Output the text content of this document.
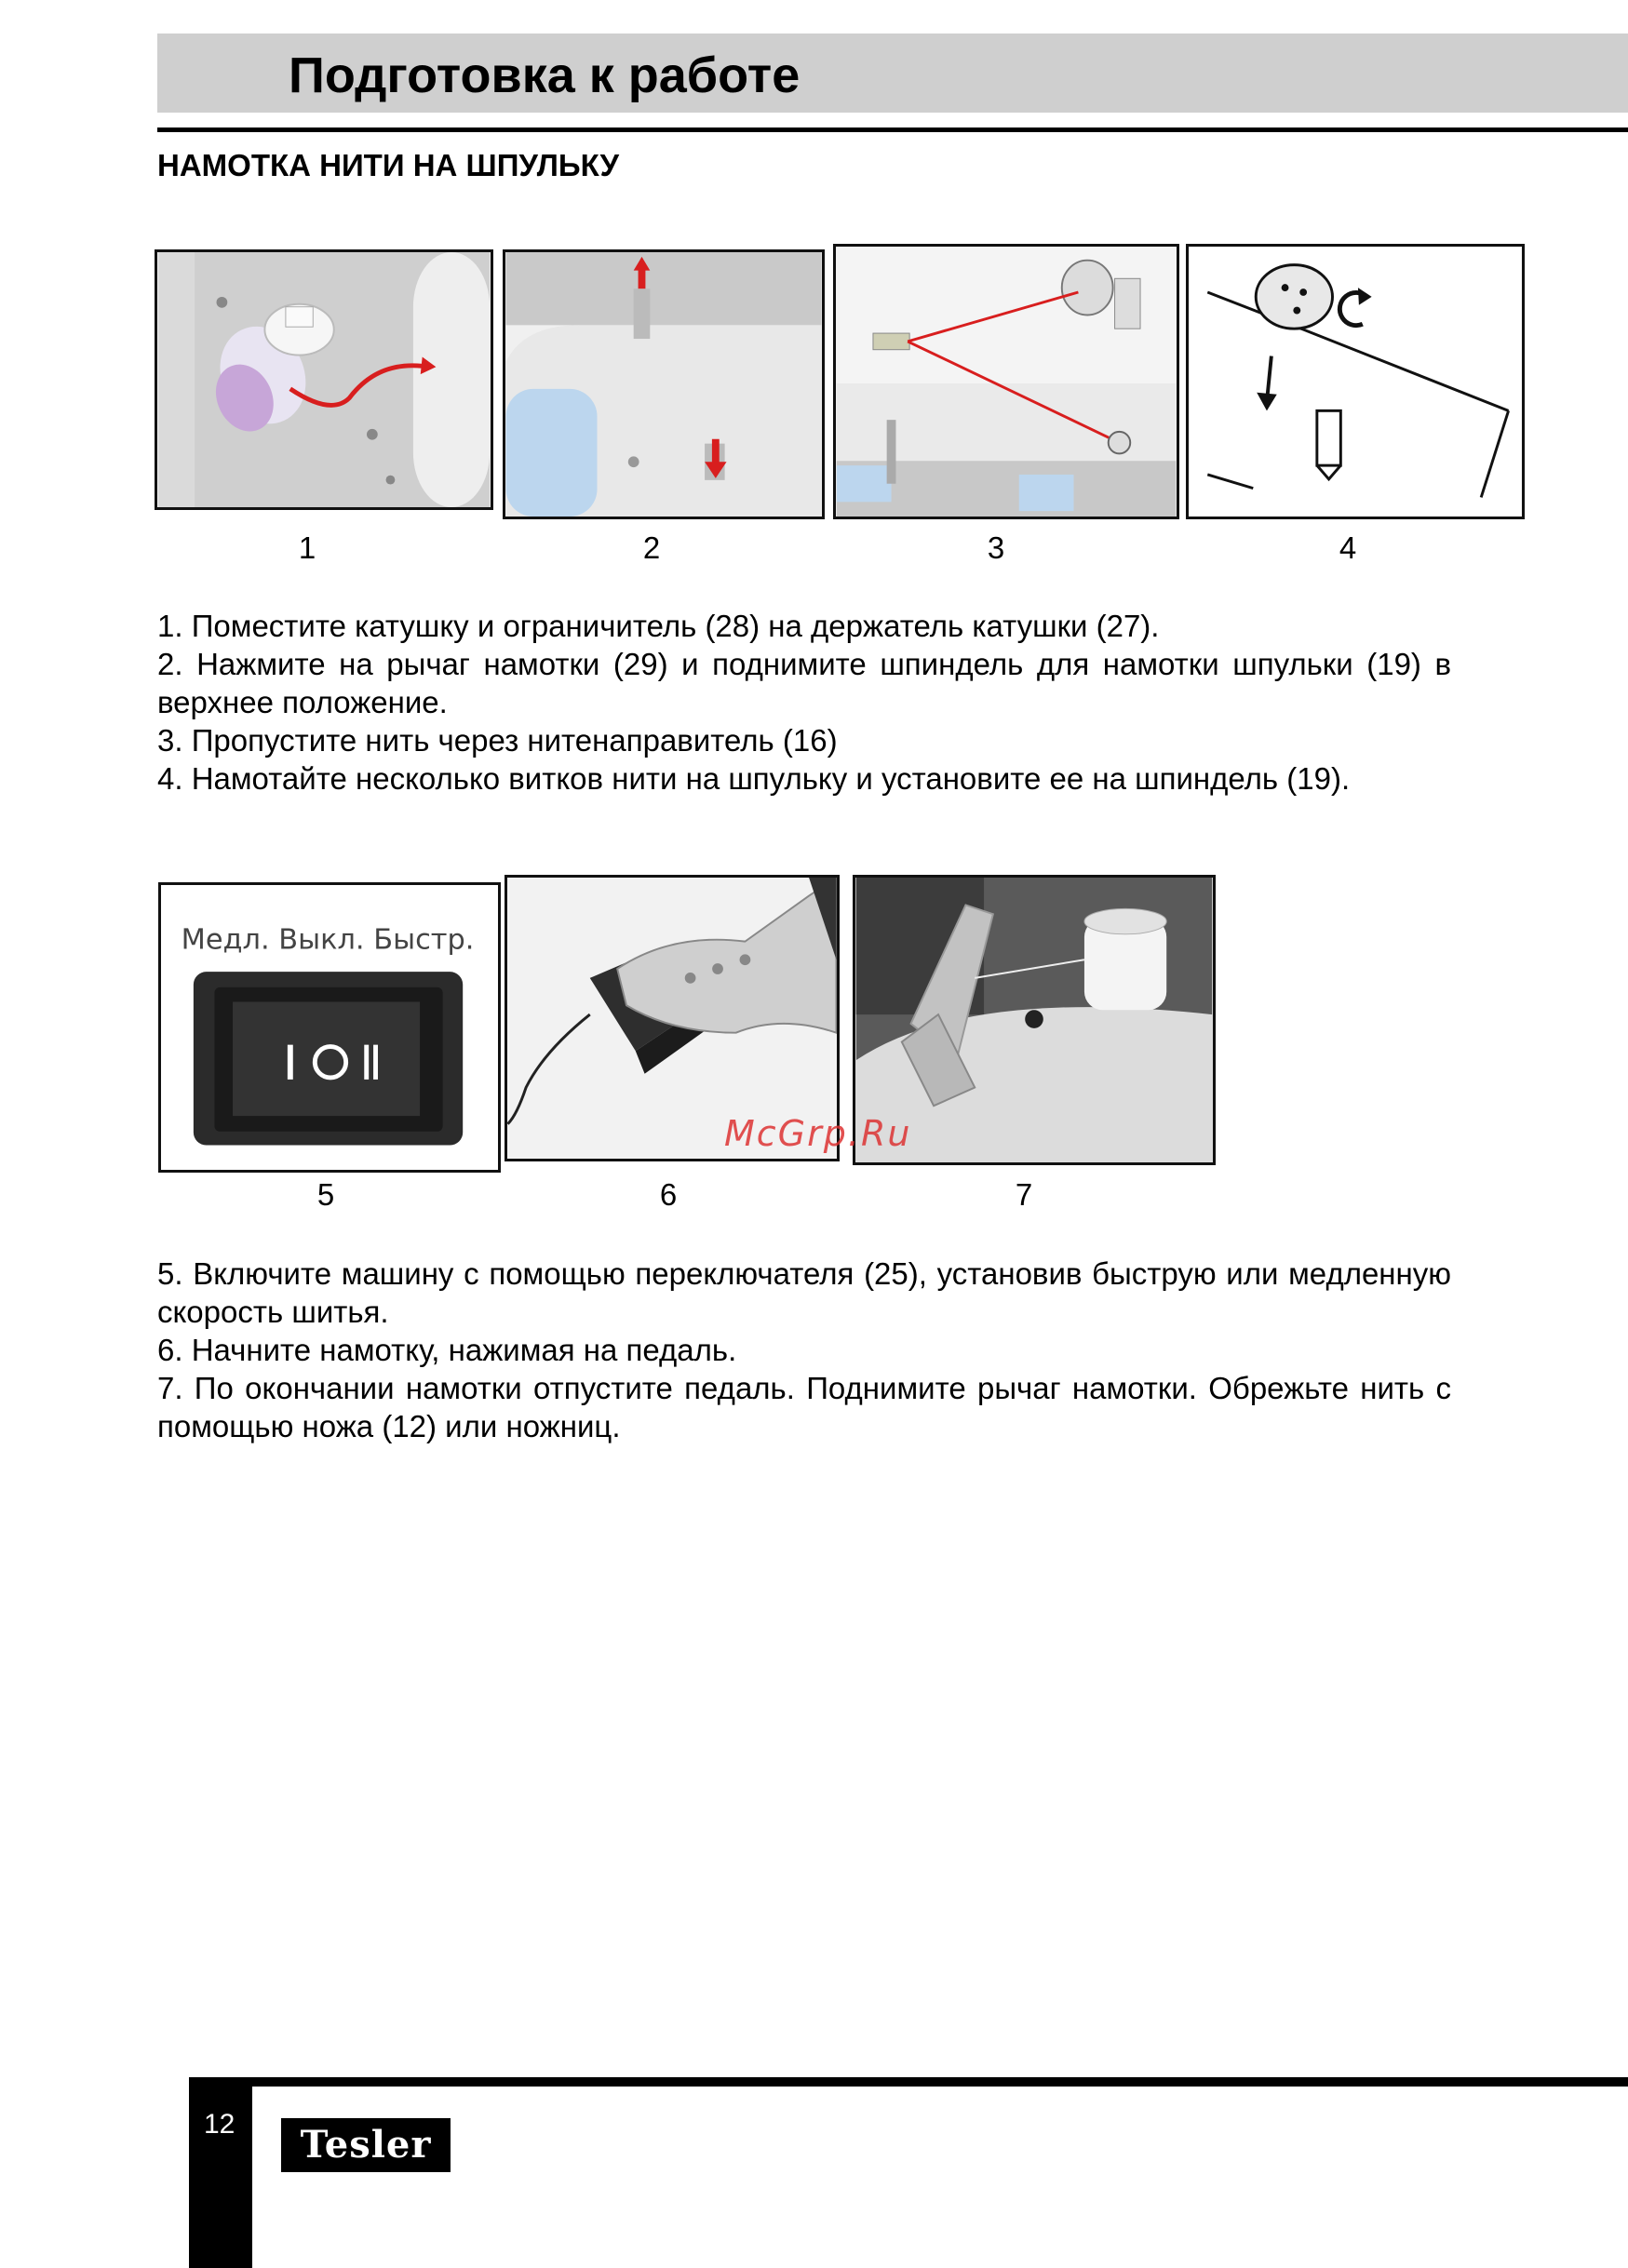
Подготовка к работе
НАМОТКА НИТИ НА ШПУЛЬКУ
1	2	3	4

1. Поместите катушку и ограничитель (28) на держатель катушки (27).

2. Нажмите на рычаг намотки (29) и поднимите шпиндель для намотки шпульки (19) в верхнее положение.

3. Пропустите нить через нитенаправитель (16)

4. Намотайте несколько витков нити на шпульку и установите ее на шпиндель (19).

Медл. Выкл. Быстр.
5	6	7
McGrp.Ru

5. Включите машину с помощью переключателя (25), установив быструю или медленную скорость шитья.

6. Начните намотку, нажимая на педаль.

7. По окончании намотки отпустите педаль. Поднимите рычаг намотки. Обрежьте нить с помощью ножа (12) или ножниц.

12	Tesler
